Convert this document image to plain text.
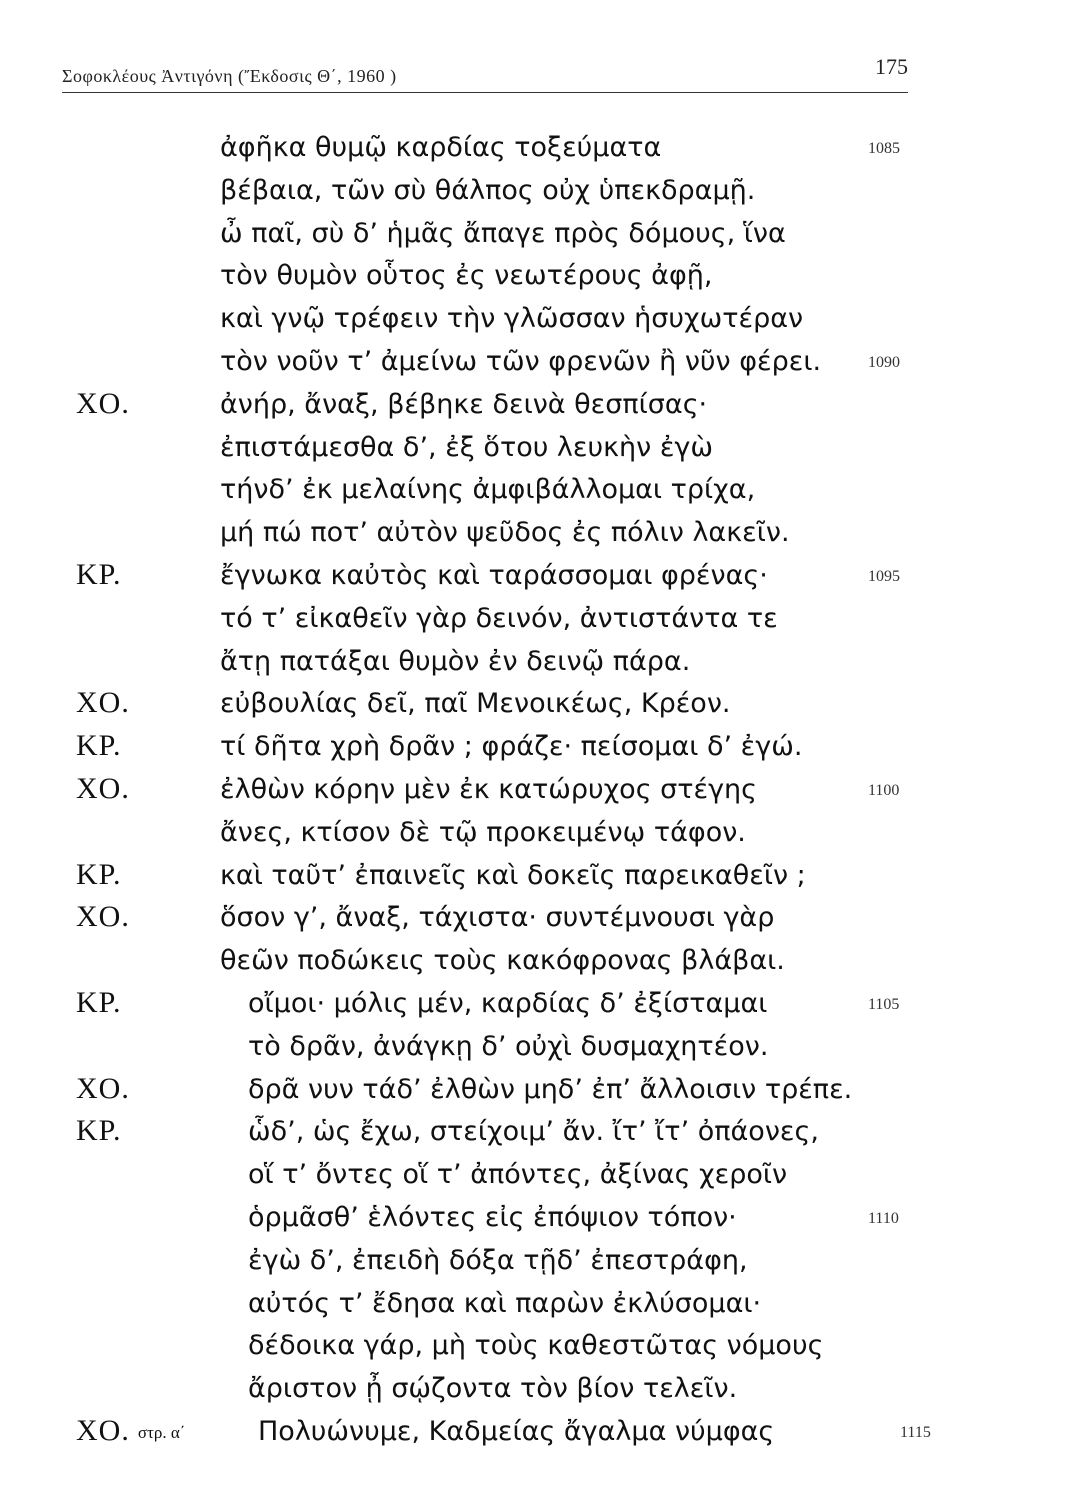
Σοφοκλέους Ἀντιγόνη (Ἔκδοσις Θ΄, 1960 )	175
ἀφῆκα θυμῷ καρδίας τοξεύματα	1085
βέβαια, τῶν σὺ θάλπος οὐχ ὑπεκδραμῇ.
ὦ παῖ, σὺ δ’ ἡμᾶς ἄπαγε πρὸς δόμους, ἵνα
τὸν θυμὸν οὗτος ἐς νεωτέρους ἀφῇ,
καὶ γνῷ τρέφειν τὴν γλῶσσαν ἡσυχωτέραν
τὸν νοῦν τ’ ἀμείνω τῶν φρενῶν ἢ νῦν φέρει.	1090
ΧΟ.	ἀνήρ, ἄναξ, βέβηκε δεινὰ θεσπίσας·
ἐπιστάμεσθα δ’, ἐξ ὅτου λευκὴν ἐγὼ
τήνδ’ ἐκ μελαίνης ἀμφιβάλλομαι τρίχα,
μή πώ ποτ’ αὐτὸν ψεῦδος ἐς πόλιν λακεῖν.
ΚΡ.	ἔγνωκα καὐτὸς καὶ ταράσσομαι φρένας·	1095
τό τ’ εἰκαθεῖν γὰρ δεινόν, ἀντιστάντα τε
ἄτῃ πατάξαι θυμὸν ἐν δεινῷ πάρα.
ΧΟ.	εὐβουλίας δεῖ, παῖ Μενοικέως, Κρέον.
ΚΡ.	τί δῆτα χρὴ δρᾶν ; φράζε· πείσομαι δ’ ἐγώ.
ΧΟ.	ἐλθὼν κόρην μὲν ἐκ κατώρυχος στέγης	1100
ἄνες, κτίσον δὲ τῷ προκειμένῳ τάφον.
ΚΡ.	καὶ ταῦτ’ ἐπαινεῖς καὶ δοκεῖς παρεικαθεῖν ;
ΧΟ.	ὅσον γ’, ἄναξ, τάχιστα· συντέμνουσι γὰρ
θεῶν ποδώκεις τοὺς κακόφρονας βλάβαι.
ΚΡ.	οἴμοι· μόλις μέν, καρδίας δ’ ἐξίσταμαι	1105
τὸ δρᾶν, ἀνάγκῃ δ’ οὐχὶ δυσμαχητέον.
ΧΟ.	δρᾶ νυν τάδ’ ἐλθὼν μηδ’ ἐπ’ ἄλλοισιν τρέπε.
ΚΡ.	ὧδ’, ὡς ἔχω, στείχοιμ’ ἄν. ἴτ’ ἴτ’ ὀπάονες,
οἵ τ’ ὄντες οἵ τ’ ἀπόντες, ἀξίνας χεροῖν
ὁρμᾶσθ’ ἑλόντες εἰς ἐπόψιον τόπον·	1110
ἐγὼ δ’, ἐπειδὴ δόξα τῇδ’ ἐπεστράφη,
αὐτός τ’ ἔδησα καὶ παρὼν ἐκλύσομαι·
δέδοικα γάρ, μὴ τοὺς καθεστῶτας νόμους
ἄριστον ᾖ σῴζοντα τὸν βίον τελεῖν.
ΧΟ. στρ. α΄	Πολυώνυμε, Καδμείας ἄγαλμα νύμφας	1115
